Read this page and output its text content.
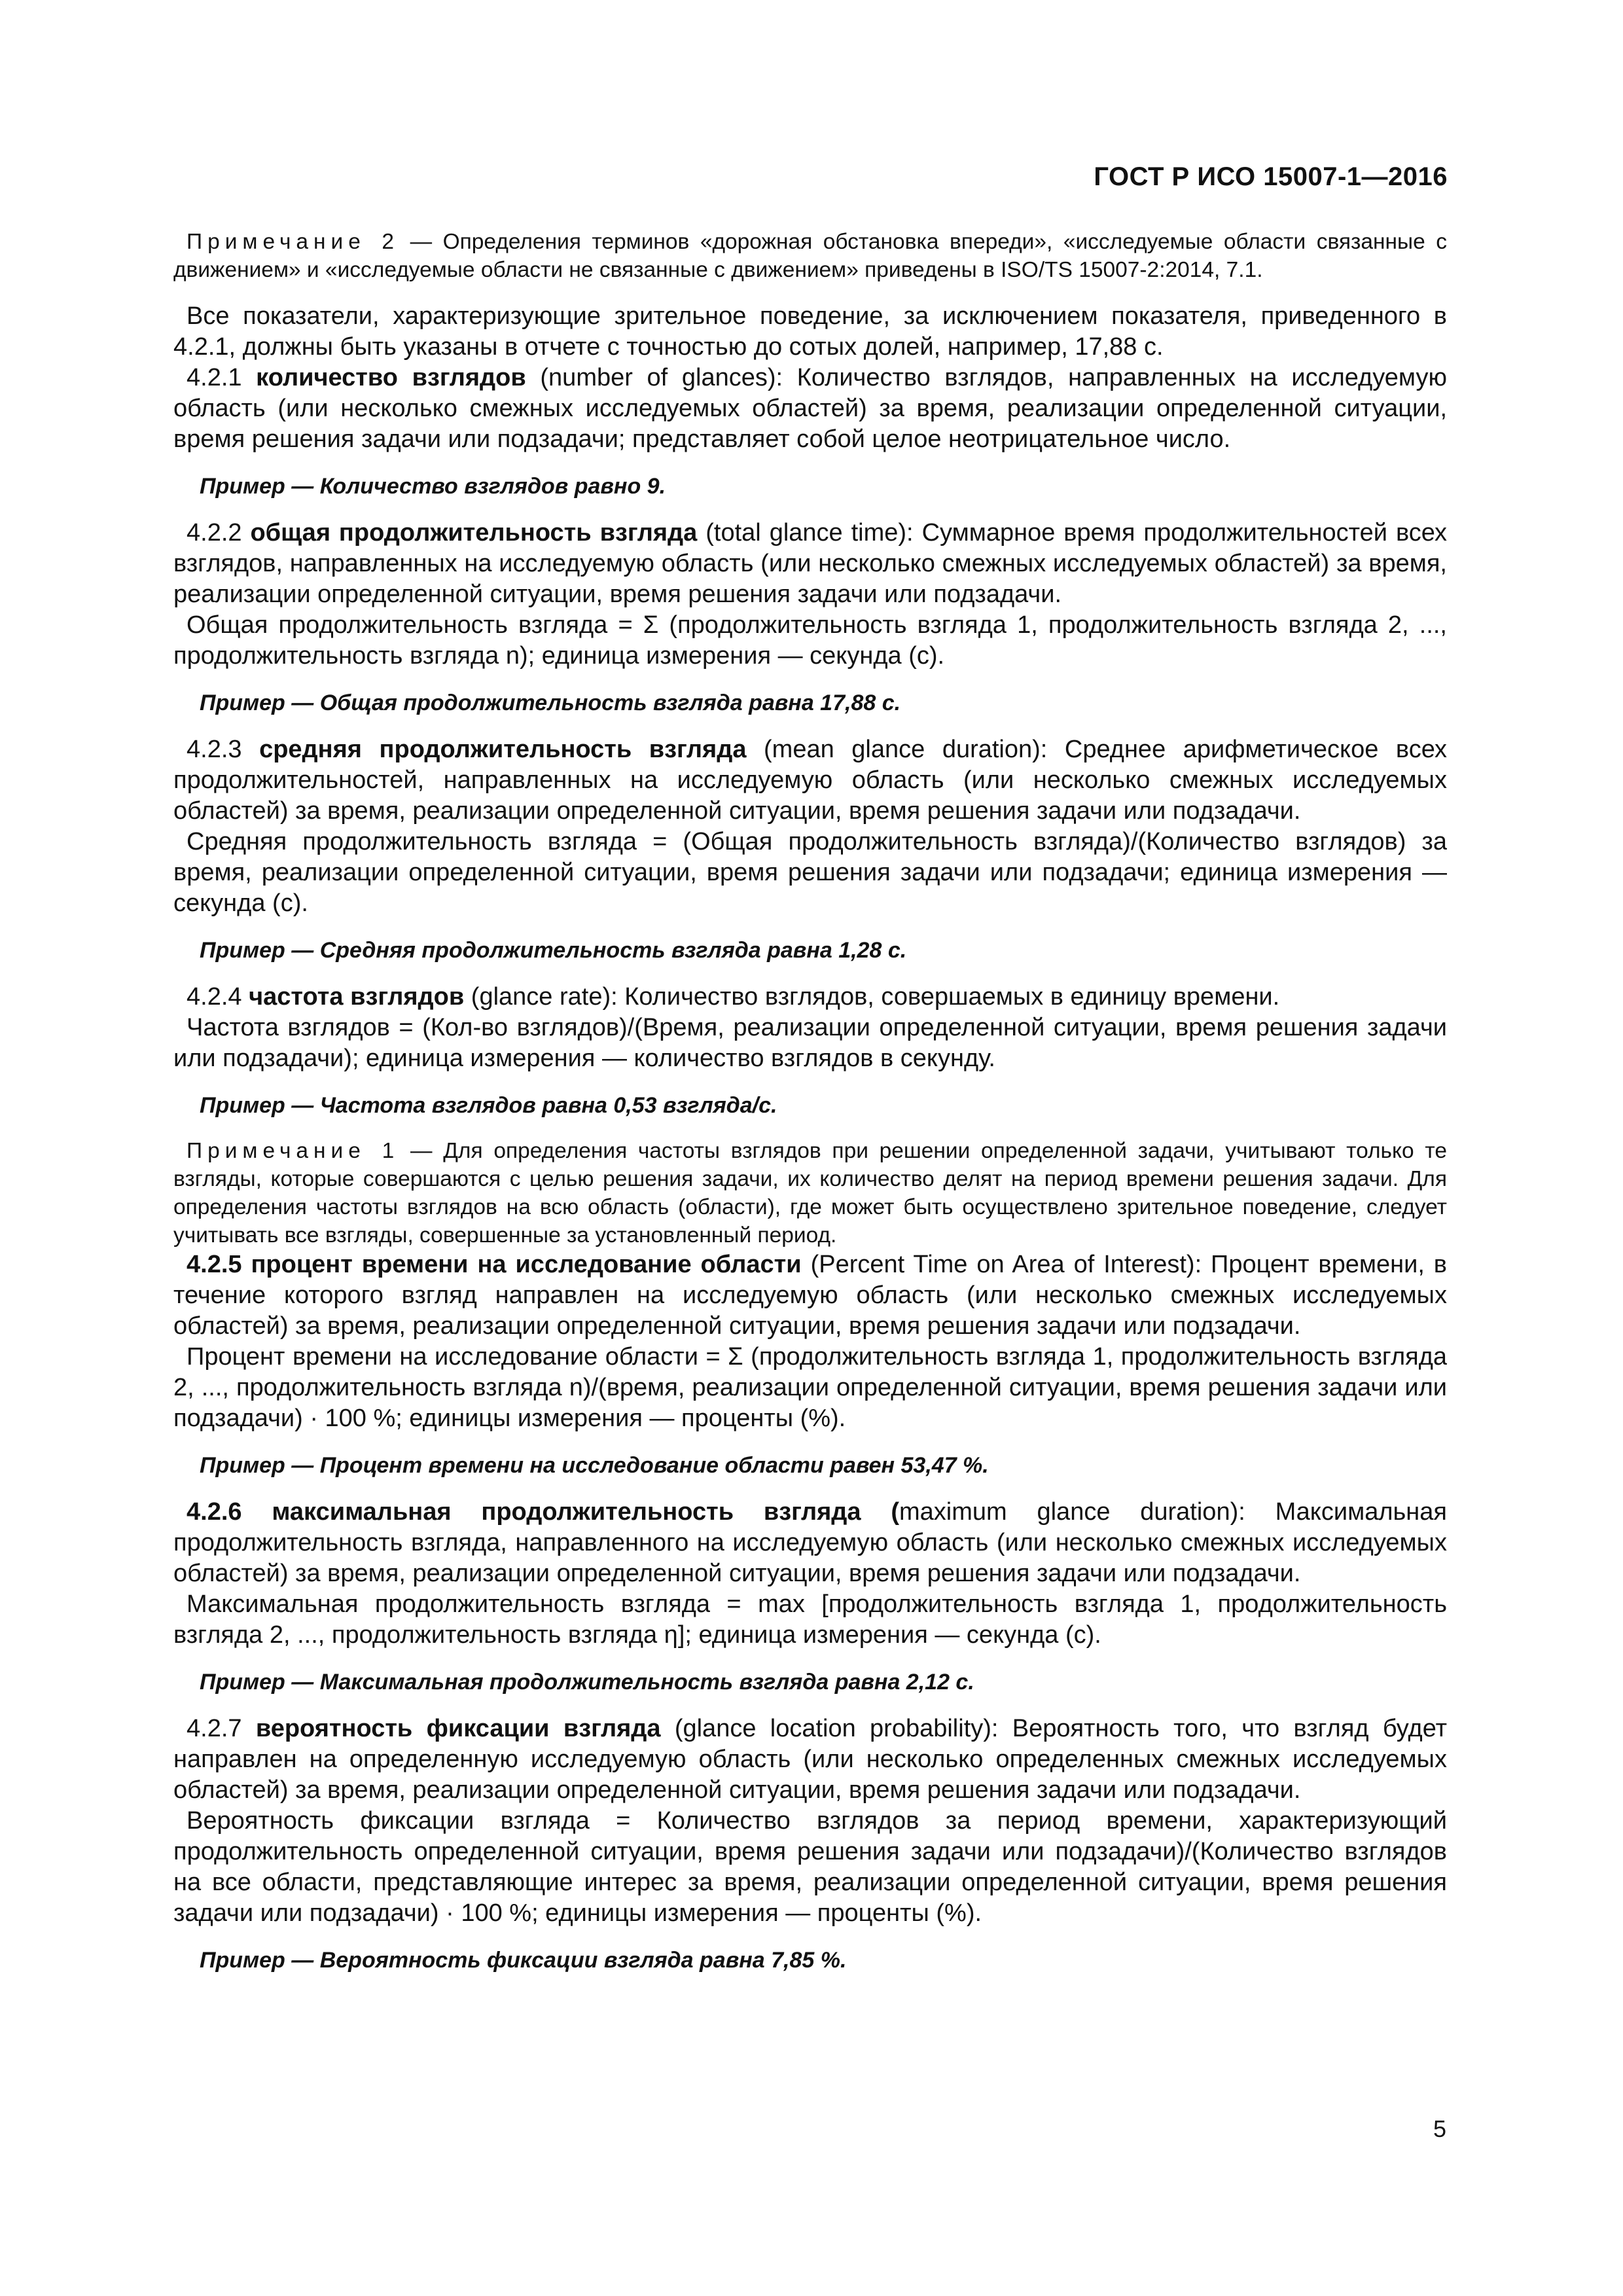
ГОСТ Р ИСО 15007-1—2016

Примечание 2 — Определения терминов «дорожная обстановка впереди», «исследуемые области связанные с движением» и «исследуемые области не связанные с движением» приведены в ISO/TS 15007-2:2014, 7.1.

Все показатели, характеризующие зрительное поведение, за исключением показателя, приведенного в 4.2.1, должны быть указаны в отчете с точностью до сотых долей, например, 17,88 с.

4.2.1 количество взглядов (number of glances): Количество взглядов, направленных на исследуемую область (или несколько смежных исследуемых областей) за время, реализации определенной ситуации, время решения задачи или подзадачи; представляет собой целое неотрицательное число.

Пример — Количество взглядов равно 9.

4.2.2 общая продолжительность взгляда (total glance time): Суммарное время продолжительностей всех взглядов, направленных на исследуемую область (или несколько смежных исследуемых областей) за время, реализации определенной ситуации, время решения задачи или подзадачи.

Общая продолжительность взгляда = Σ (продолжительность взгляда 1, продолжительность взгляда 2, ..., продолжительность взгляда n); единица измерения — секунда (с).

Пример — Общая продолжительность взгляда равна 17,88 с.

4.2.3 средняя продолжительность взгляда (mean glance duration): Среднее арифметическое всех продолжительностей, направленных на исследуемую область (или несколько смежных исследуемых областей) за время, реализации определенной ситуации, время решения задачи или подзадачи.

Средняя продолжительность взгляда = (Общая продолжительность взгляда)/(Количество взглядов) за время, реализации определенной ситуации, время решения задачи или подзадачи; единица измерения — секунда (с).

Пример — Средняя продолжительность взгляда равна 1,28 с.

4.2.4 частота взглядов (glance rate): Количество взглядов, совершаемых в единицу времени.

Частота взглядов = (Кол-во взглядов)/(Время, реализации определенной ситуации, время решения задачи или подзадачи); единица измерения — количество взглядов в секунду.

Пример — Частота взглядов равна 0,53 взгляда/с.

Примечание 1 — Для определения частоты взглядов при решении определенной задачи, учитывают только те взгляды, которые совершаются с целью решения задачи, их количество делят на период времени решения задачи. Для определения частоты взглядов на всю область (области), где может быть осуществлено зрительное поведение, следует учитывать все взгляды, совершенные за установленный период.

4.2.5 процент времени на исследование области (Percent Time on Area of Interest): Процент времени, в течение которого взгляд направлен на исследуемую область (или несколько смежных исследуемых областей) за время, реализации определенной ситуации, время решения задачи или подзадачи.

Процент времени на исследование области = Σ (продолжительность взгляда 1, продолжительность взгляда 2, ..., продолжительность взгляда n)/(время, реализации определенной ситуации, время решения задачи или подзадачи) · 100 %; единицы измерения — проценты (%).

Пример — Процент времени на исследование области равен 53,47 %.

4.2.6 максимальная продолжительность взгляда (maximum glance duration): Максимальная продолжительность взгляда, направленного на исследуемую область (или несколько смежных исследуемых областей) за время, реализации определенной ситуации, время решения задачи или подзадачи.

Максимальная продолжительность взгляда = max [продолжительность взгляда 1, продолжительность взгляда 2, ..., продолжительность взгляда η]; единица измерения — секунда (с).

Пример — Максимальная продолжительность взгляда равна 2,12 с.

4.2.7 вероятность фиксации взгляда (glance location probability): Вероятность того, что взгляд будет направлен на определенную исследуемую область (или несколько определенных смежных исследуемых областей) за время, реализации определенной ситуации, время решения задачи или подзадачи.

Вероятность фиксации взгляда = Количество взглядов за период времени, характеризующий продолжительность определенной ситуации, время решения задачи или подзадачи)/(Количество взглядов на все области, представляющие интерес за время, реализации определенной ситуации, время решения задачи или подзадачи) · 100 %; единицы измерения — проценты (%).

Пример — Вероятность фиксации взгляда равна 7,85 %.

5
